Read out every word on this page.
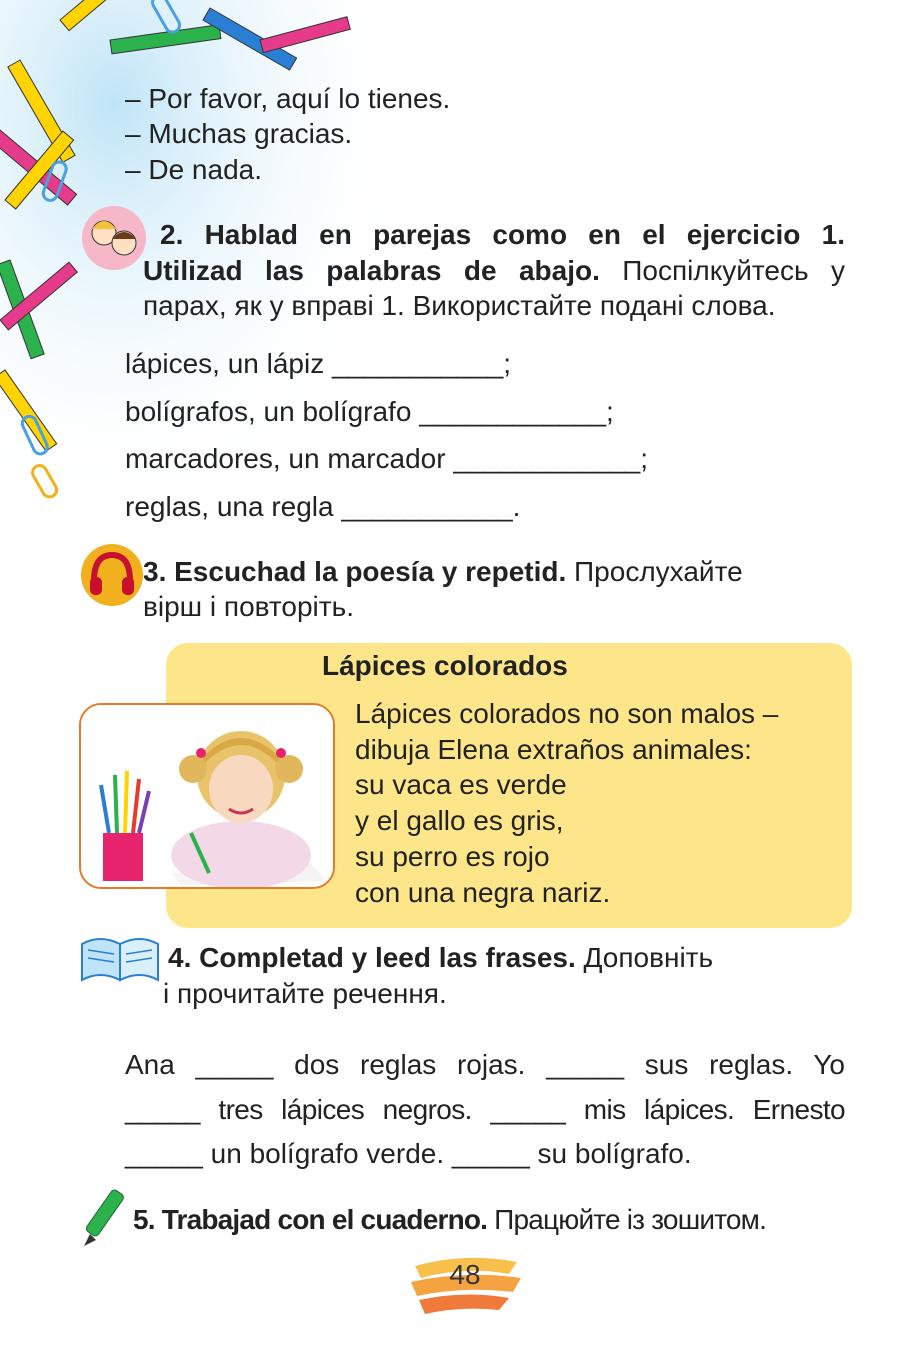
– Por favor, aquí lo tienes.
– Muchas gracias.
– De nada.
2. Hablad en parejas como en el ejercicio 1.
Utilizad las palabras de abajo. Поспілкуйтесь у
парах, як у вправі 1. Використайте подані слова.
lápices, un lápiz ___________;
bolígrafos, un bolígrafo ____________;
marcadores, un marcador ____________;
reglas, una regla ___________.
3. Escuchad la poesía y repetid. Прослухайте
вірш і повторіть.
Lápices colorados
Lápices colorados no son malos –
dibuja Elena extraños animales:
su vaca es verde
y el gallo es gris,
su perro es rojo
con una negra nariz.
4. Completad y leed las frases. Доповніть
і прочитайте речення.
Ana _____ dos reglas rojas. _____ sus reglas. Yo
_____ tres lápices negros. _____ mis lápices. Ernesto
_____ un bolígrafo verde. _____ su bolígrafo.
5. Trabajad con el cuaderno. Працюйте із зошитом.
48
